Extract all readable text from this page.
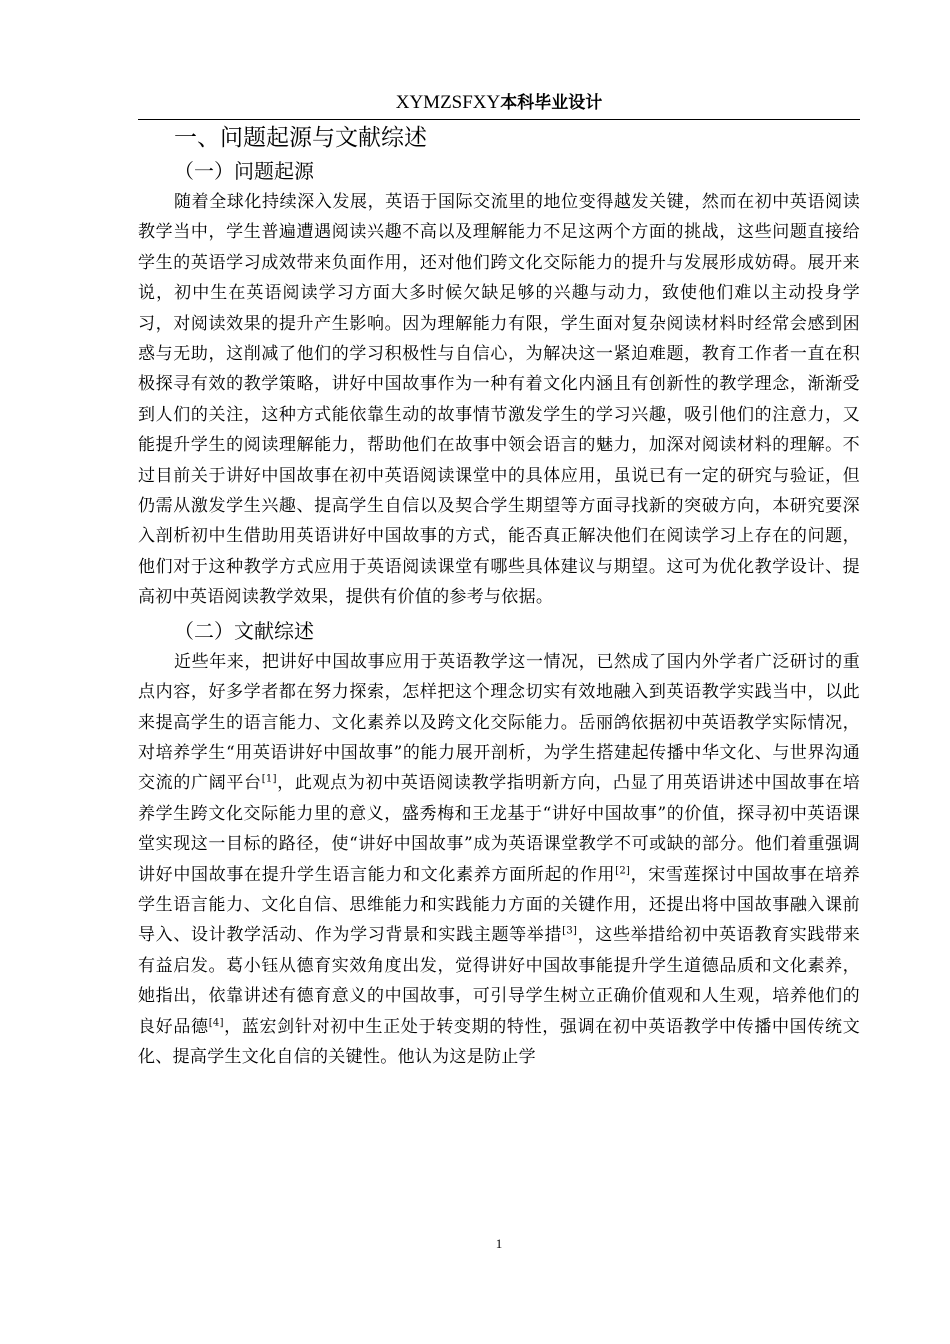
XYMZSFXY本科毕业设计
一、问题起源与文献综述
（一）问题起源

随着全球化持续深入发展，英语于国际交流里的地位变得越发关键，然而在初中英语阅读教学当中，学生普遍遭遇阅读兴趣不高以及理解能力不足这两个方面的挑战，这些问题直接给学生的英语学习成效带来负面作用，还对他们跨文化交际能力的提升与发展形成妨碍。展开来说，初中生在英语阅读学习方面大多时候欠缺足够的兴趣与动力，致使他们难以主动投身学习，对阅读效果的提升产生影响。因为理解能力有限，学生面对复杂阅读材料时经常会感到困惑与无助，这削减了他们的学习积极性与自信心，为解决这一紧迫难题，教育工作者一直在积极探寻有效的教学策略，讲好中国故事作为一种有着文化内涵且有创新性的教学理念，渐渐受到人们的关注，这种方式能依靠生动的故事情节激发学生的学习兴趣，吸引他们的注意力，又能提升学生的阅读理解能力，帮助他们在故事中领会语言的魅力，加深对阅读材料的理解。不过目前关于讲好中国故事在初中英语阅读课堂中的具体应用，虽说已有一定的研究与验证，但仍需从激发学生兴趣、提高学生自信以及契合学生期望等方面寻找新的突破方向，本研究要深入剖析初中生借助用英语讲好中国故事的方式，能否真正解决他们在阅读学习上存在的问题，他们对于这种教学方式应用于英语阅读课堂有哪些具体建议与期望。这可为优化教学设计、提高初中英语阅读教学效果，提供有价值的参考与依据。

（二）文献综述

近些年来，把讲好中国故事应用于英语教学这一情况，已然成了国内外学者广泛研讨的重点内容，好多学者都在努力探索，怎样把这个理念切实有效地融入到英语教学实践当中，以此来提高学生的语言能力、文化素养以及跨文化交际能力。岳丽鸽依据初中英语教学实际情况，对培养学生“用英语讲好中国故事”的能力展开剖析，为学生搭建起传播中华文化、与世界沟通交流的广阔平台[1]，此观点为初中英语阅读教学指明新方向，凸显了用英语讲述中国故事在培养学生跨文化交际能力里的意义，盛秀梅和王龙基于“讲好中国故事”的价值，探寻初中英语课堂实现这一目标的路径，使“讲好中国故事”成为英语课堂教学不可或缺的部分。他们着重强调讲好中国故事在提升学生语言能力和文化素养方面所起的作用[2]，宋雪莲探讨中国故事在培养学生语言能力、文化自信、思维能力和实践能力方面的关键作用，还提出将中国故事融入课前导入、设计教学活动、作为学习背景和实践主题等举措[3]，这些举措给初中英语教育实践带来有益启发。葛小钰从德育实效角度出发，觉得讲好中国故事能提升学生道德品质和文化素养，她指出，依靠讲述有德育意义的中国故事，可引导学生树立正确价值观和人生观，培养他们的良好品德[4]，蓝宏剑针对初中生正处于转变期的特性，强调在初中英语教学中传播中国传统文化、提高学生文化自信的关键性。他认为这是防止学

1
